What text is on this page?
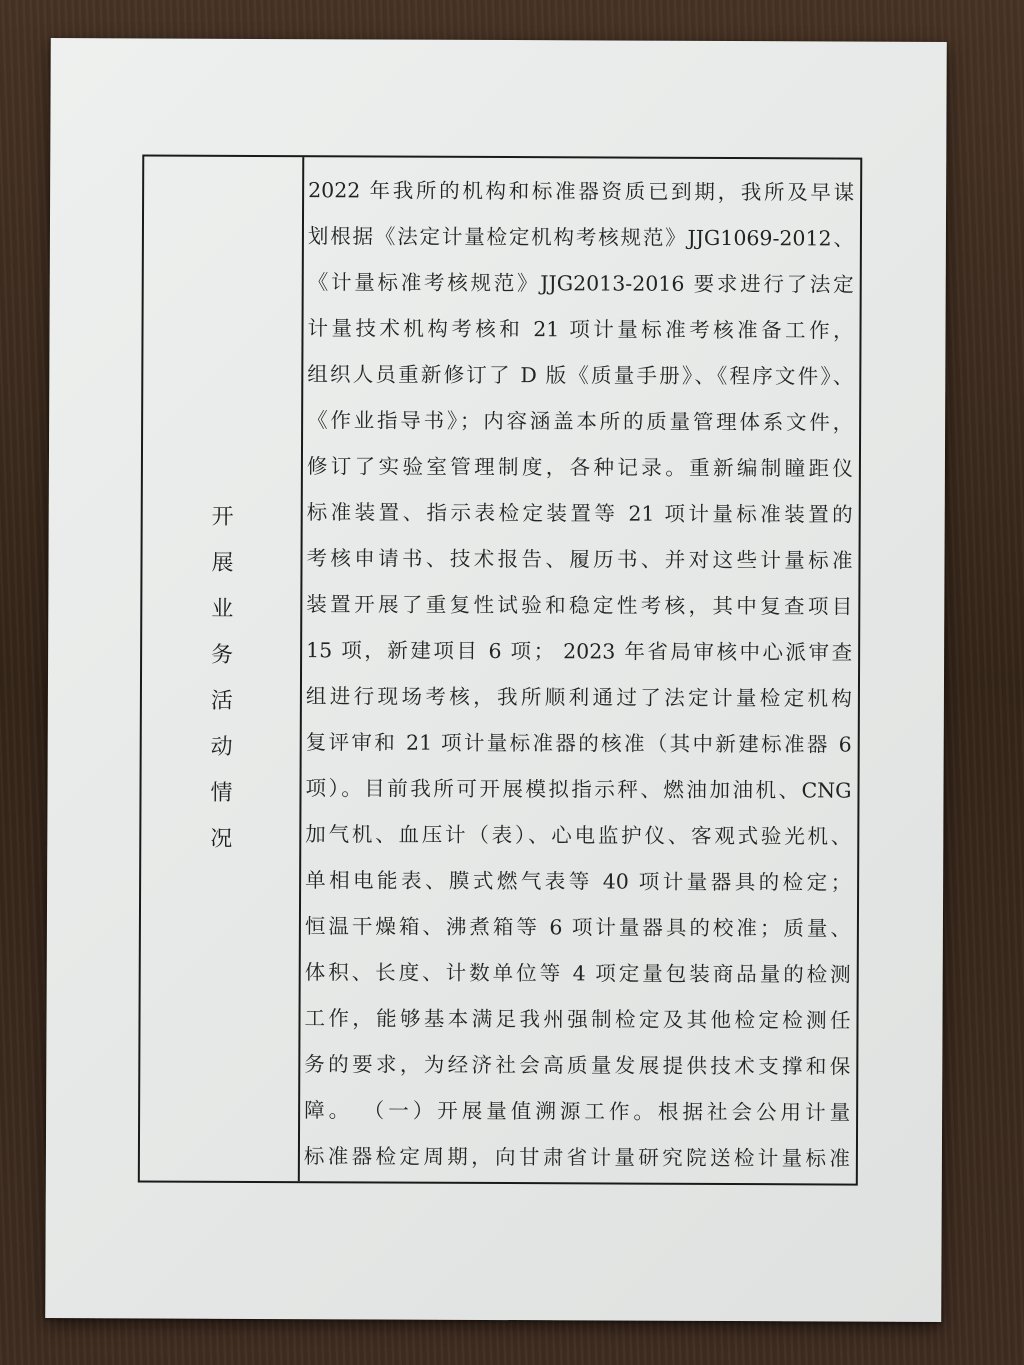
开
展
业
务
活
动
情
况
2022 年我所的机构和标准器资质已到期，我所及早谋
划根据《法定计量检定机构考核规范》JJG1069-2012、
《计量标准考核规范》JJG2013-2016 要求进行了法定
计量技术机构考核和 21 项计量标准考核准备工作，
组织人员重新修订了 D 版《质量手册》、《程序文件》、
《作业指导书》；内容涵盖本所的质量管理体系文件，
修订了实验室管理制度，各种记录。重新编制瞳距仪
标准装置、指示表检定装置等 21 项计量标准装置的
考核申请书、技术报告、履历书、并对这些计量标准
装置开展了重复性试验和稳定性考核，其中复查项目
15 项，新建项目 6 项； 2023 年省局审核中心派审查
组进行现场考核，我所顺利通过了法定计量检定机构
复评审和 21 项计量标准器的核准（其中新建标准器 6
项）。目前我所可开展模拟指示秤、燃油加油机、CNG
加气机、血压计（表）、心电监护仪、客观式验光机、
单相电能表、膜式燃气表等 40 项计量器具的检定；
恒温干燥箱、沸煮箱等 6 项计量器具的校准；质量、
体积、长度、计数单位等 4 项定量包装商品量的检测
工作，能够基本满足我州强制检定及其他检定检测任
务的要求，为经济社会高质量发展提供技术支撑和保
障。 （一）开展量值溯源工作。根据社会公用计量
标准器检定周期，向甘肃省计量研究院送检计量标准
